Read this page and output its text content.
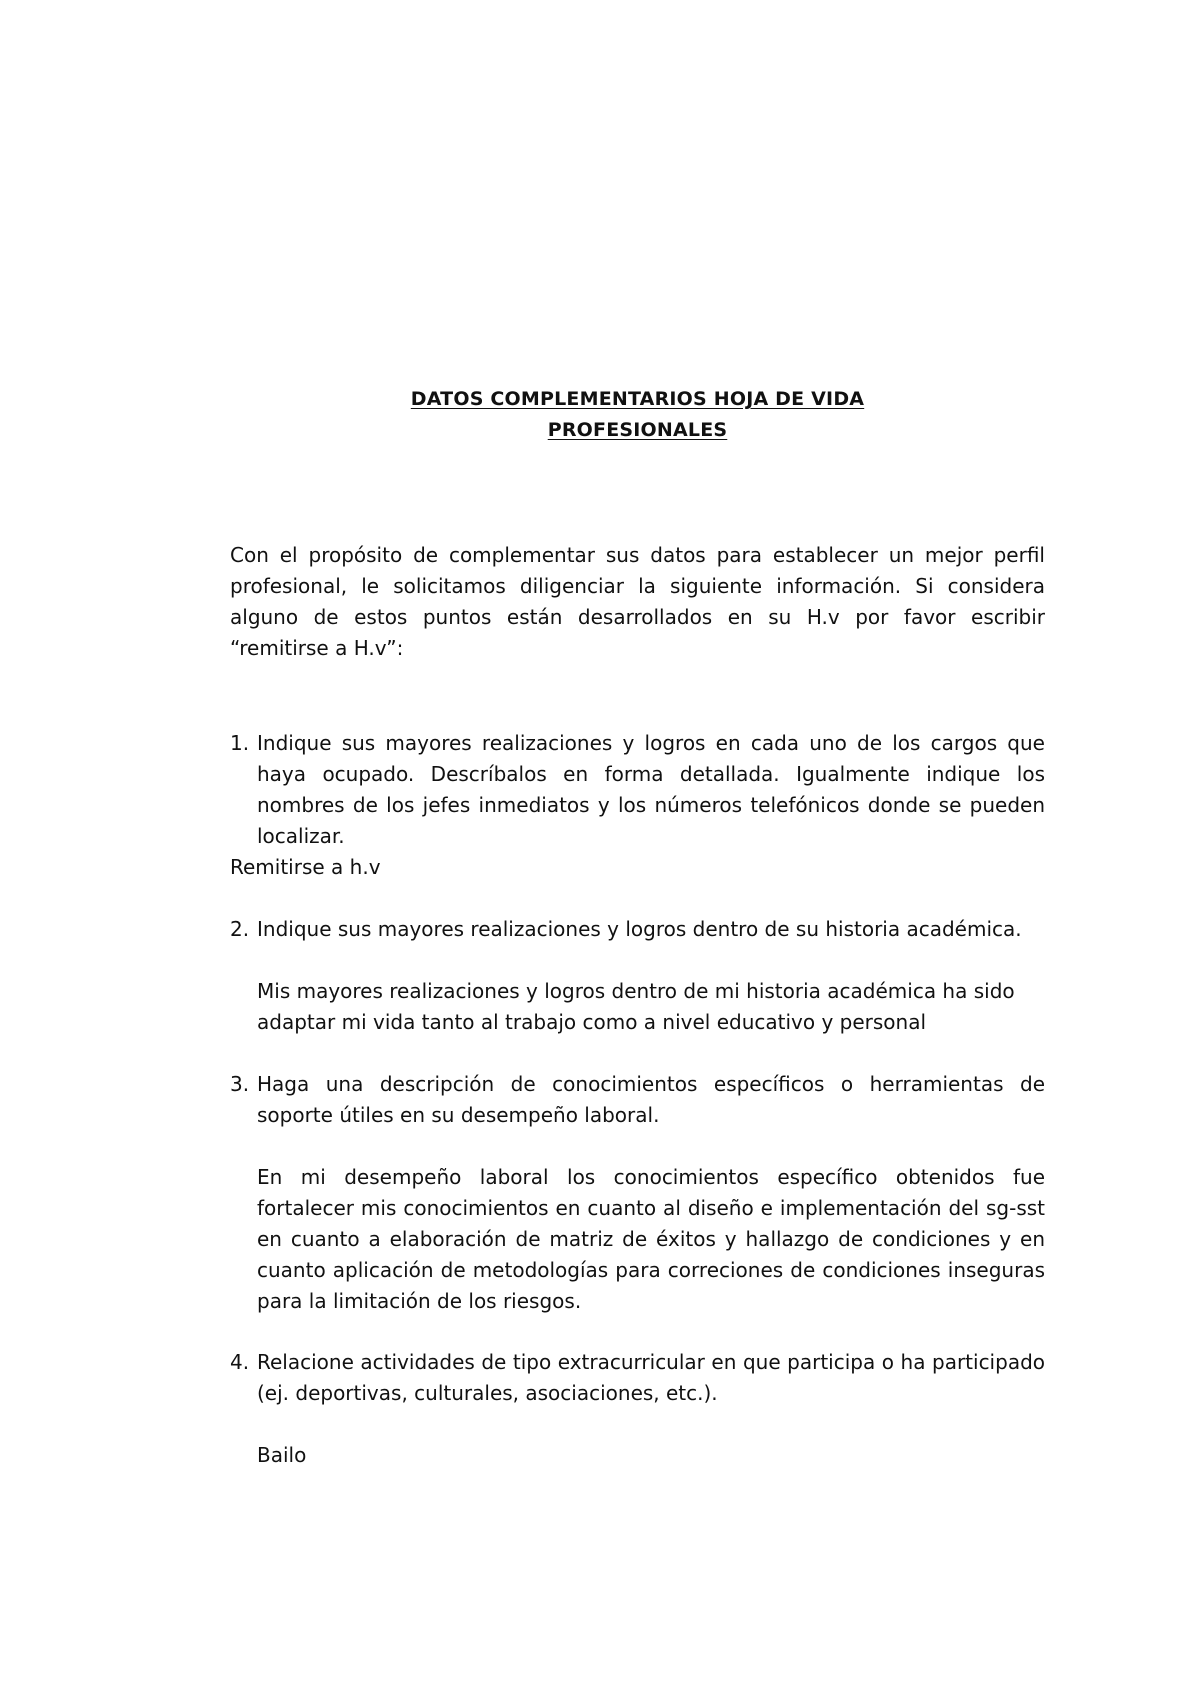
DATOS COMPLEMENTARIOS HOJA DE VIDA
PROFESIONALES

Con el propósito de complementar sus datos para establecer un mejor perfil profesional, le solicitamos diligenciar la siguiente información. Si considera alguno de estos puntos están desarrollados en su H.v por favor escribir “remitirse a H.v”:

1. Indique sus mayores realizaciones y logros en cada uno de los cargos que haya ocupado. Descríbalos en forma detallada. Igualmente indique los nombres de los jefes inmediatos y los números telefónicos donde se pueden localizar.

Remitirse a h.v

2. Indique sus mayores realizaciones y logros dentro de su historia académica.

Mis mayores realizaciones y logros dentro de mi historia académica ha sido adaptar mi vida tanto al trabajo como a nivel educativo y personal

3. Haga una descripción de conocimientos específicos o herramientas de soporte útiles en su desempeño laboral.

En mi desempeño laboral los conocimientos específico obtenidos fue fortalecer mis conocimientos en cuanto al diseño e implementación del sg-sst en cuanto a elaboración de matriz de éxitos y hallazgo de condiciones y en cuanto aplicación de metodologías para correciones de condiciones inseguras para la limitación de los riesgos.

4. Relacione actividades de tipo extracurricular en que participa o ha participado (ej. deportivas, culturales, asociaciones, etc.).

Bailo
